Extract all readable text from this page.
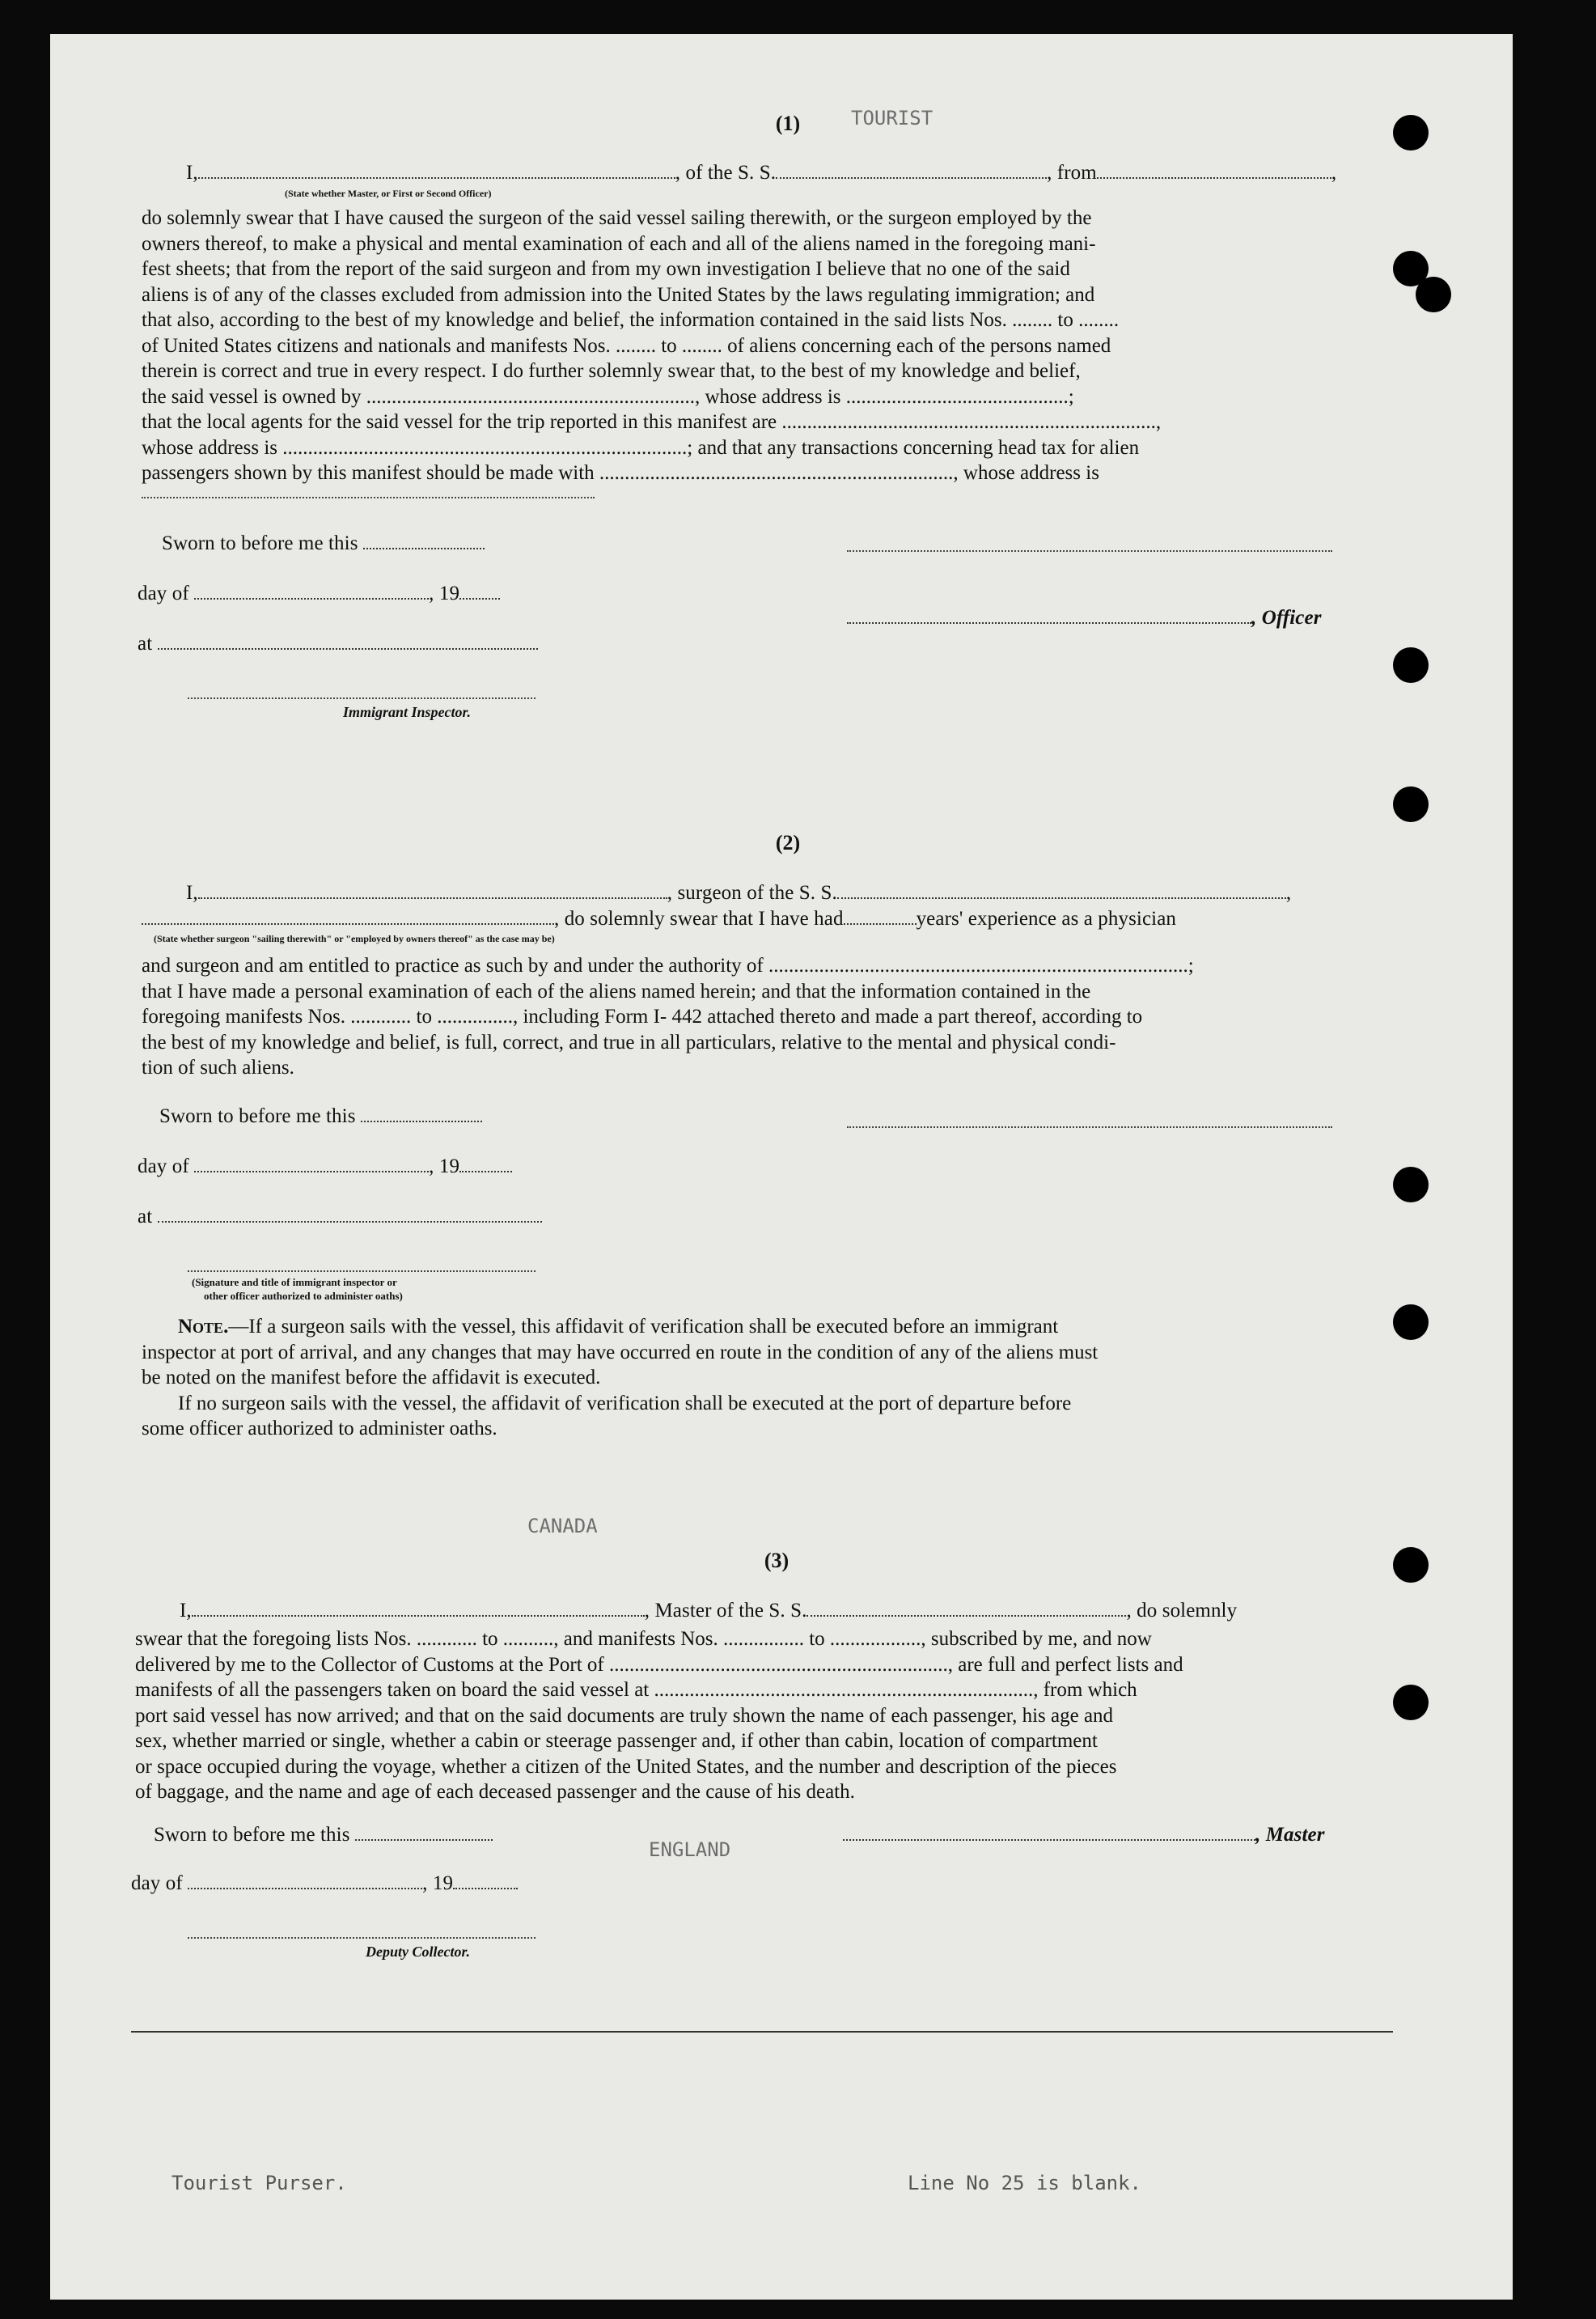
(1)
I,	, of the S. S.	, from	,
(State whether Master, or First or Second Officer)
do solemnly swear that I have caused the surgeon of the said vessel sailing therewith, or the surgeon employed by the
owners thereof, to make a physical and mental examination of each and all of the aliens named in the foregoing mani-
fest sheets; that from the report of the said surgeon and from my own investigation I believe that no one of the said
aliens is of any of the classes excluded from admission into the United States by the laws regulating immigration; and
that also, according to the best of my knowledge and belief, the information contained in the said lists Nos. ........ to ........
of United States citizens and nationals and manifests Nos. ........ to ........ of aliens concerning each of the persons named
therein is correct and true in every respect. I do further solemnly swear that, to the best of my knowledge and belief,
the said vessel is owned by ................................................................., whose address is ............................................;
that the local agents for the said vessel for the trip reported in this manifest are ..........................................................................,
whose address is ................................................................................; and that any transactions concerning head tax for alien
passengers shown by this manifest should be made with ......................................................................, whose address is
Sworn to before me this
day of	, 19
, Officer
at
Immigrant Inspector.
(2)
I,	, surgeon of the S. S.	,
, do solemnly swear that I have had	years' experience as a physician
(State whether surgeon "sailing therewith" or "employed by owners thereof" as the case may be)
and surgeon and am entitled to practice as such by and under the authority of ...................................................................................;
that I have made a personal examination of each of the aliens named herein; and that the information contained in the
foregoing manifests Nos. ............ to ..............., including Form I- 442 attached thereto and made a part thereof, according to
the best of my knowledge and belief, is full, correct, and true in all particulars, relative to the mental and physical condi-
tion of such aliens.
Sworn to before me this
day of	, 19
at
(Signature and title of immigrant inspector or
other officer authorized to administer oaths)
Note.—If a surgeon sails with the vessel, this affidavit of verification shall be executed before an immigrant
inspector at port of arrival, and any changes that may have occurred en route in the condition of any of the aliens must
be noted on the manifest before the affidavit is executed.
If no surgeon sails with the vessel, the affidavit of verification shall be executed at the port of departure before
some officer authorized to administer oaths.
(3)
I,	, Master of the S. S.	, do solemnly
swear that the foregoing lists Nos. ............ to .........., and manifests Nos. ................ to .................., subscribed by me, and now
delivered by me to the Collector of Customs at the Port of ..................................................................., are full and perfect lists and
manifests of all the passengers taken on board the said vessel at ..........................................................................., from which
port said vessel has now arrived; and that on the said documents are truly shown the name of each passenger, his age and
sex, whether married or single, whether a cabin or steerage passenger and, if other than cabin, location of compartment
or space occupied during the voyage, whether a citizen of the United States, and the number and description of the pieces
of baggage, and the name and age of each deceased passenger and the cause of his death.
Sworn to before me this	, Master
day of	, 19
Deputy Collector.
TOURIST
Tourist Purser.	Line No 25 is blank.
ENGLAND
CANADA
